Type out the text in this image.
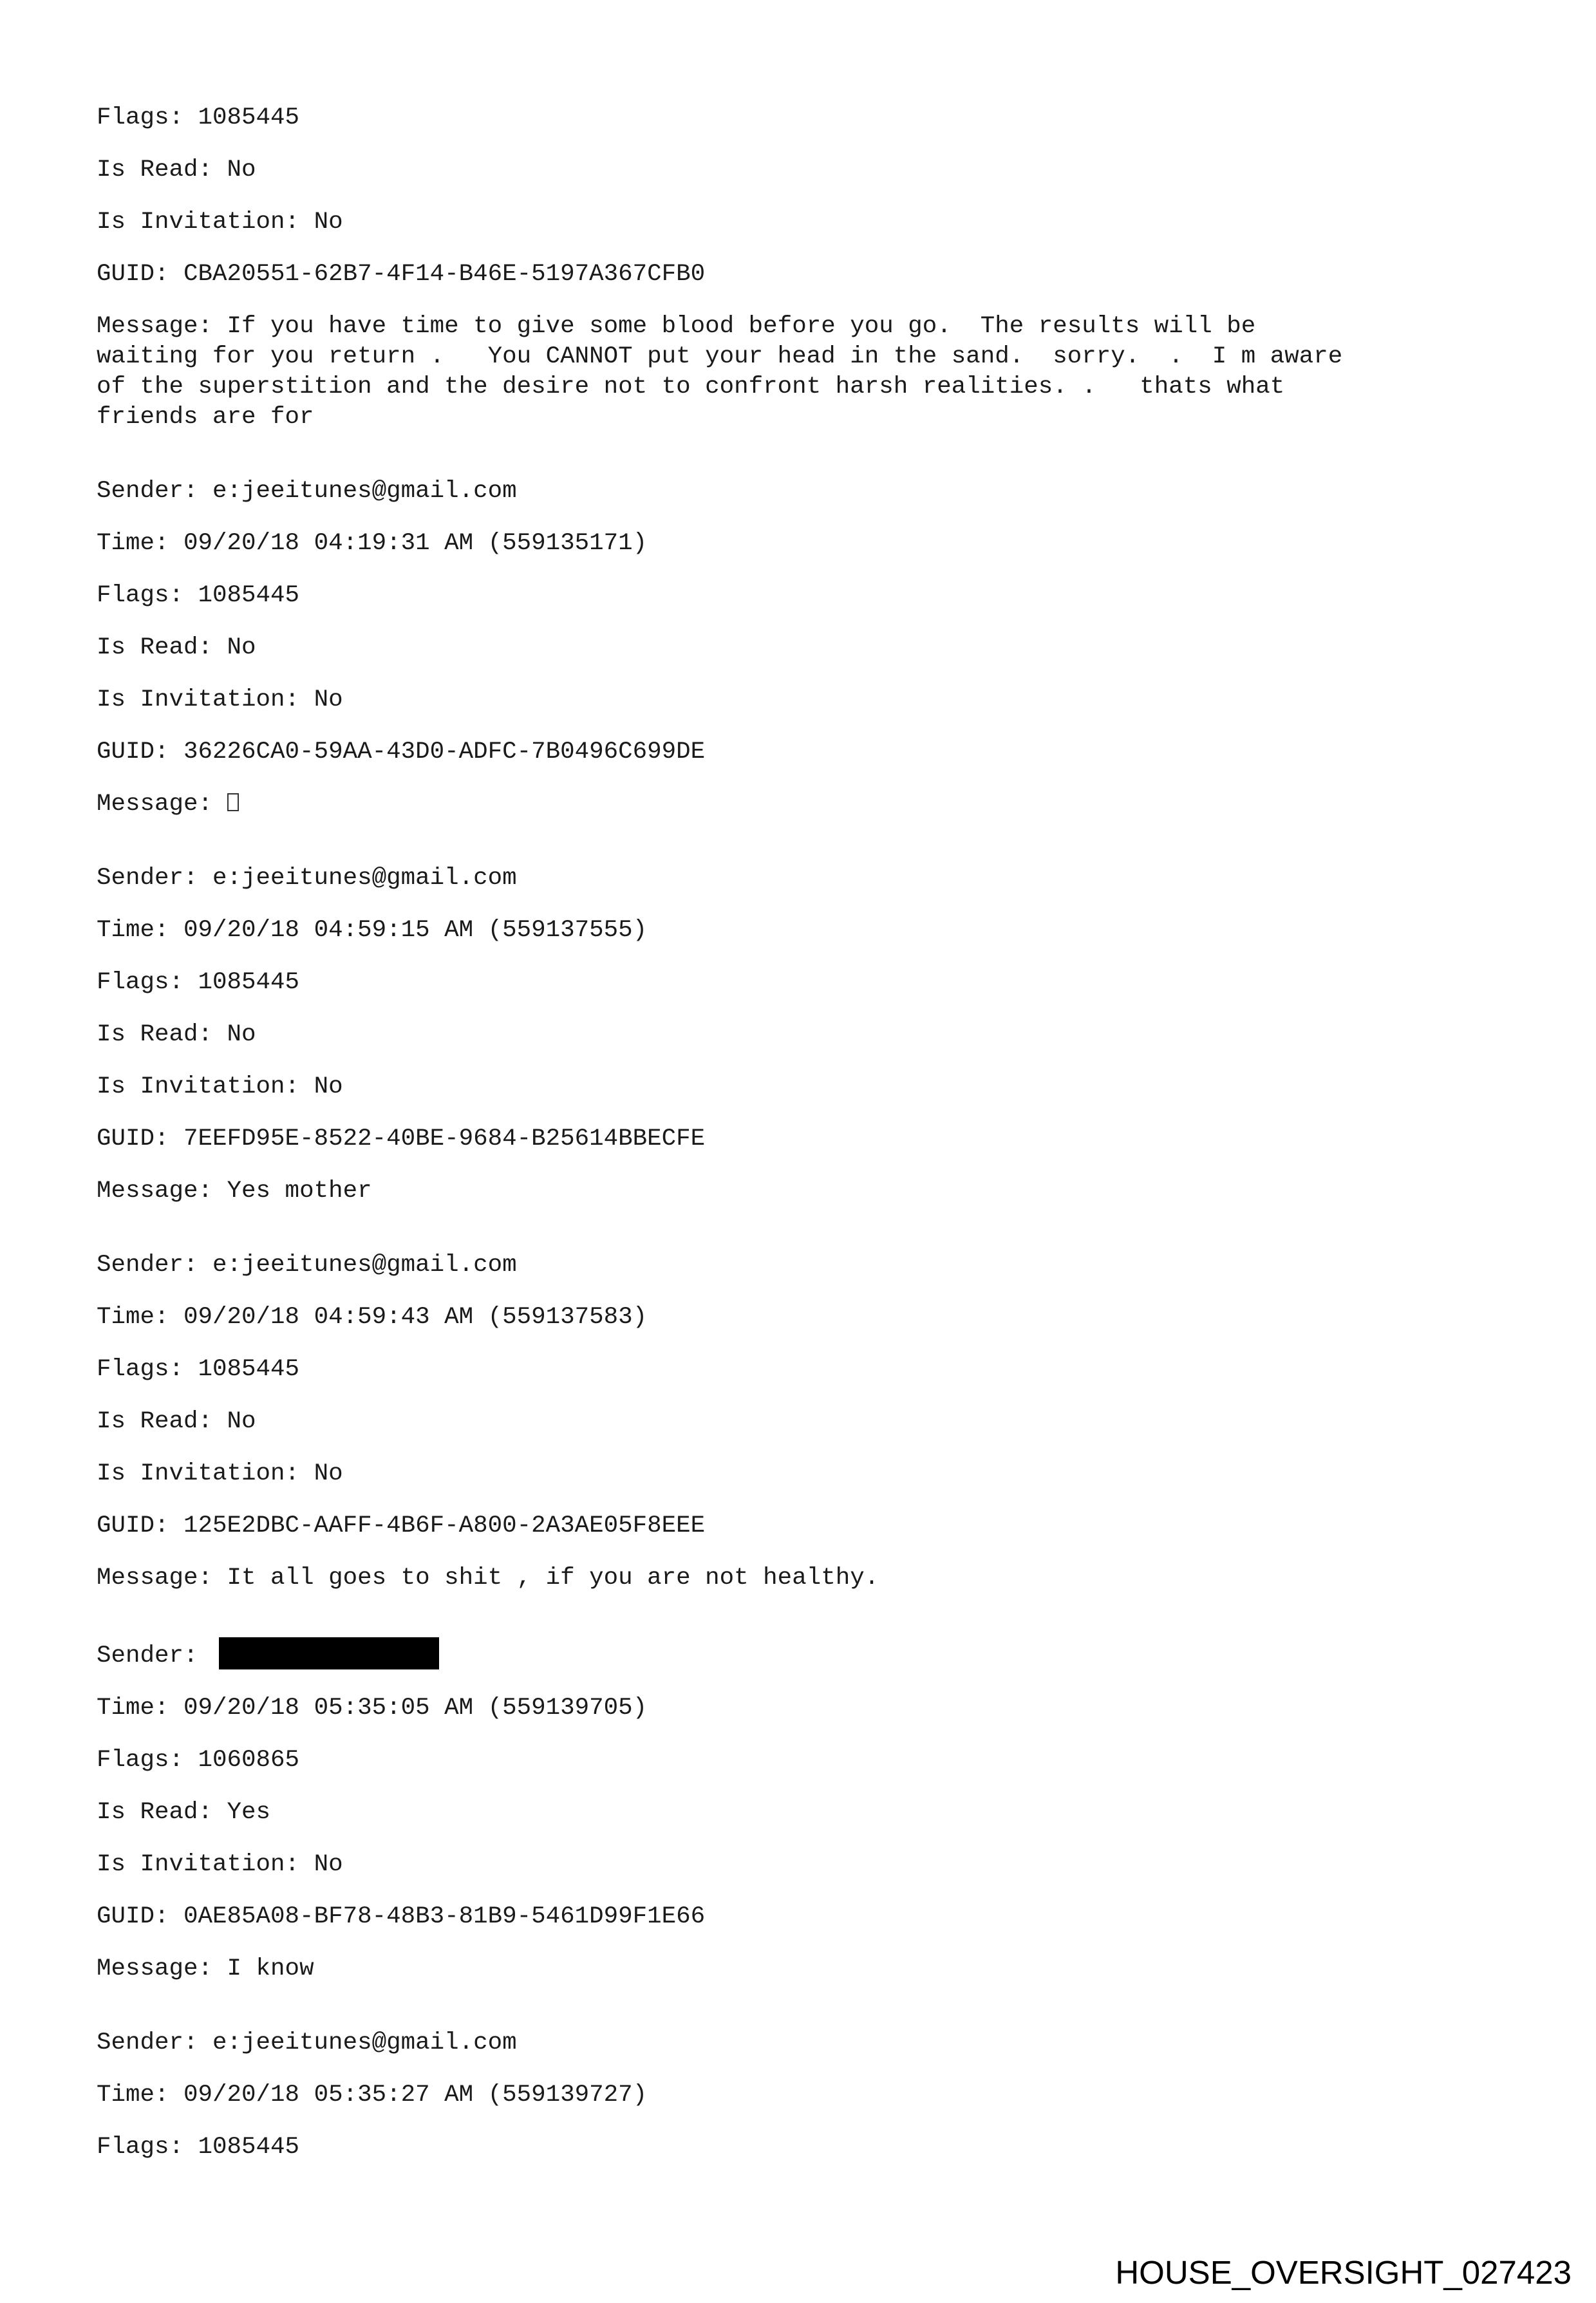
Flags: 1085445
Is Read: No
Is Invitation: No
GUID: CBA20551-62B7-4F14-B46E-5197A367CFB0
Message: If you have time to give some blood before you go.  The results will be
waiting for you return .   You CANNOT put your head in the sand.  sorry.  .  I m aware
of the superstition and the desire not to confront harsh realities. .   thats what
friends are for
Sender: e:jeeitunes@gmail.com
Time: 09/20/18 04:19:31 AM (559135171)
Flags: 1085445
Is Read: No
Is Invitation: No
GUID: 36226CA0-59AA-43D0-ADFC-7B0496C699DE
Message:
Sender: e:jeeitunes@gmail.com
Time: 09/20/18 04:59:15 AM (559137555)
Flags: 1085445
Is Read: No
Is Invitation: No
GUID: 7EEFD95E-8522-40BE-9684-B25614BBECFE
Message: Yes mother
Sender: e:jeeitunes@gmail.com
Time: 09/20/18 04:59:43 AM (559137583)
Flags: 1085445
Is Read: No
Is Invitation: No
GUID: 125E2DBC-AAFF-4B6F-A800-2A3AE05F8EEE
Message: It all goes to shit , if you are not healthy.
Sender:
Time: 09/20/18 05:35:05 AM (559139705)
Flags: 1060865
Is Read: Yes
Is Invitation: No
GUID: 0AE85A08-BF78-48B3-81B9-5461D99F1E66
Message: I know
Sender: e:jeeitunes@gmail.com
Time: 09/20/18 05:35:27 AM (559139727)
Flags: 1085445
HOUSE_OVERSIGHT_027423
